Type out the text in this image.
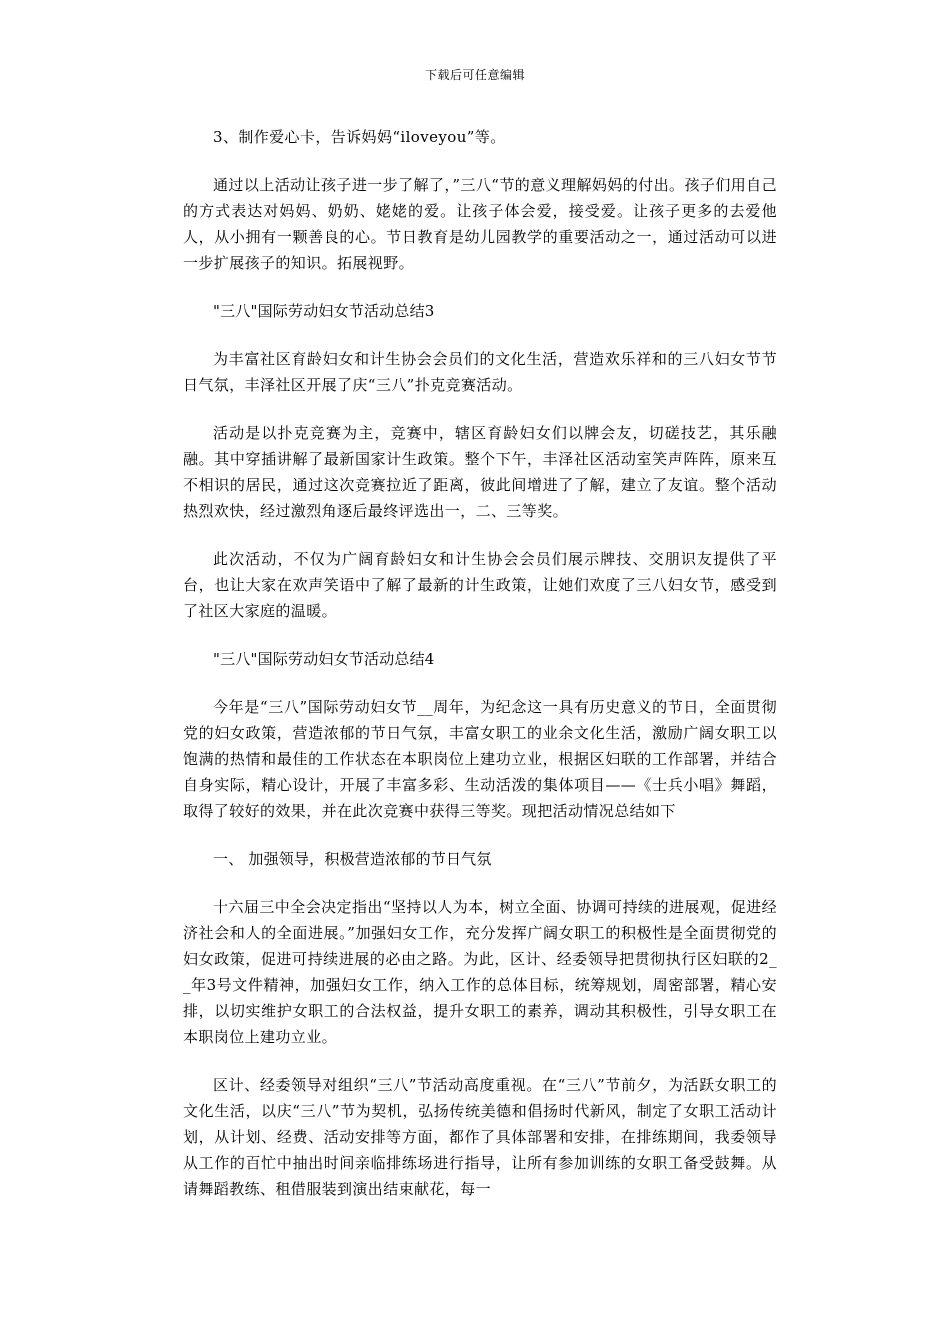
下载后可任意编辑

3、制作爱心卡，告诉妈妈“iloveyou”等。

通过以上活动让孩子进一步了解了，”三八“节的意义理解妈妈的付出。孩子们用自己的方式表达对妈妈、奶奶、姥姥的爱。让孩子体会爱，接受爱。让孩子更多的去爱他人，从小拥有一颗善良的心。节日教育是幼儿园教学的重要活动之一，通过活动可以进一步扩展孩子的知识。拓展视野。

"三八"国际劳动妇女节活动总结3

为丰富社区育龄妇女和计生协会会员们的文化生活，营造欢乐祥和的三八妇女节节日气氛，丰泽社区开展了庆“三八”扑克竞赛活动。

活动是以扑克竞赛为主，竞赛中，辖区育龄妇女们以牌会友，切磋技艺，其乐融融。其中穿插讲解了最新国家计生政策。整个下午，丰泽社区活动室笑声阵阵，原来互不相识的居民，通过这次竞赛拉近了距离，彼此间增进了了解，建立了友谊。整个活动热烈欢快，经过激烈角逐后最终评选出一，二、三等奖。

此次活动，不仅为广阔育龄妇女和计生协会会员们展示牌技、交朋识友提供了平台，也让大家在欢声笑语中了解了最新的计生政策，让她们欢度了三八妇女节，感受到了社区大家庭的温暖。

"三八"国际劳动妇女节活动总结4

今年是“三八”国际劳动妇女节__周年，为纪念这一具有历史意义的节日，全面贯彻党的妇女政策，营造浓郁的节日气氛，丰富女职工的业余文化生活，激励广阔女职工以饱满的热情和最佳的工作状态在本职岗位上建功立业，根据区妇联的工作部署，并结合自身实际，精心设计，开展了丰富多彩、生动活泼的集体项目——《士兵小唱》舞蹈，取得了较好的效果，并在此次竞赛中获得三等奖。现把活动情况总结如下

一、 加强领导，积极营造浓郁的节日气氛

十六届三中全会决定指出“坚持以人为本，树立全面、协调可持续的进展观，促进经济社会和人的全面进展。”加强妇女工作，充分发挥广阔女职工的积极性是全面贯彻党的妇女政策，促进可持续进展的必由之路。为此，区计、经委领导把贯彻执行区妇联的2__年3号文件精神，加强妇女工作，纳入工作的总体目标，统筹规划，周密部署，精心安排，以切实维护女职工的合法权益，提升女职工的素养，调动其积极性，引导女职工在本职岗位上建功立业。

区计、经委领导对组织“三八”节活动高度重视。在“三八”节前夕，为活跃女职工的文化生活，以庆“三八”节为契机，弘扬传统美德和倡扬时代新风，制定了女职工活动计划，从计划、经费、活动安排等方面，都作了具体部署和安排，在排练期间，我委领导从工作的百忙中抽出时间亲临排练场进行指导，让所有参加训练的女职工备受鼓舞。从请舞蹈教练、租借服装到演出结束献花，每一
